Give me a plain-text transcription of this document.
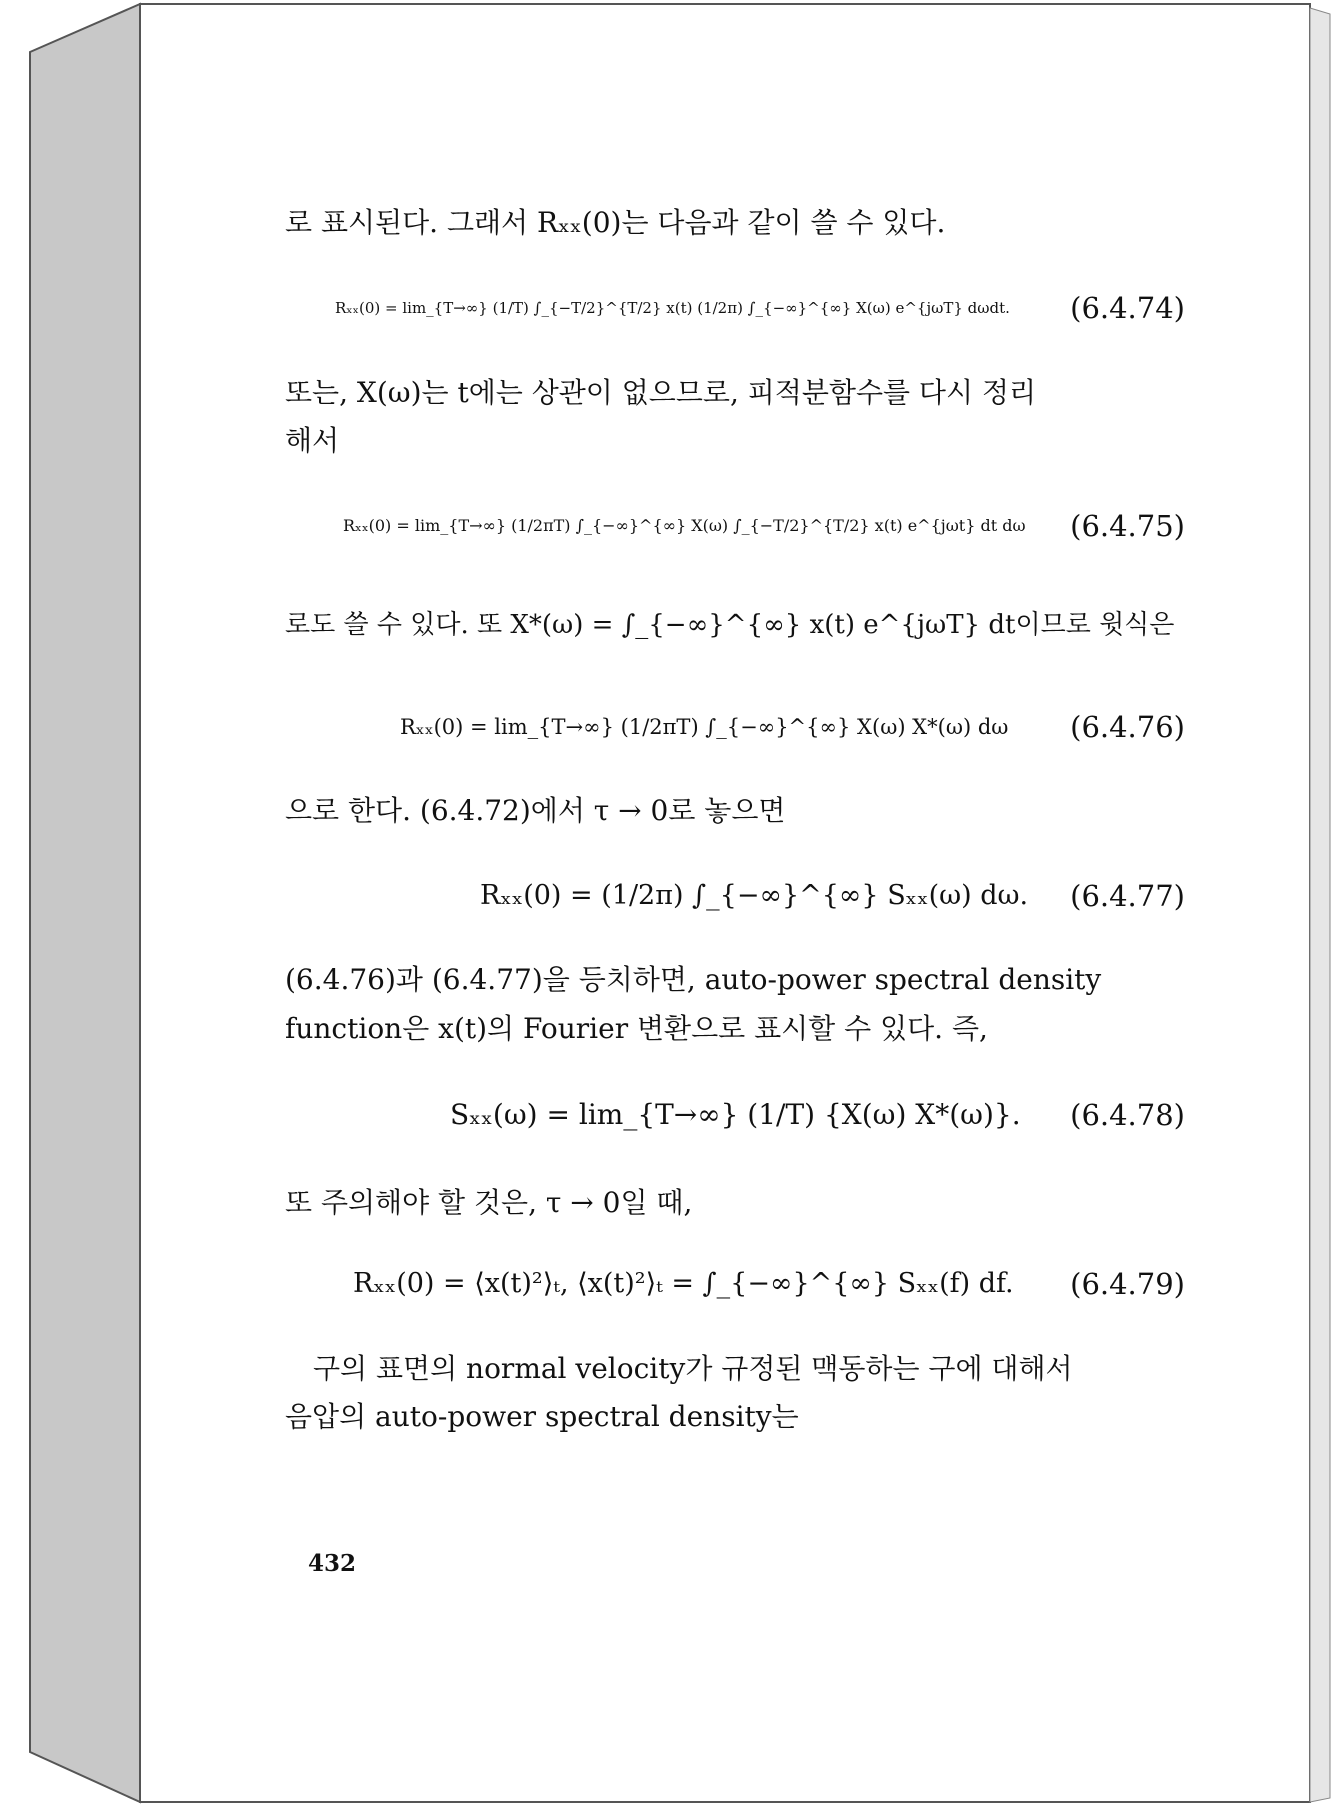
로 표시된다. 그래서 Rₓₓ(0)는 다음과 같이 쓸 수 있다.

Rₓₓ(0) = lim_{T→∞} (1/T) ∫_{−T/2}^{T/2} x(t) (1/2π) ∫_{−∞}^{∞} X(ω) e^{jωT} dωdt. (6.4.74)

또는, X(ω)는 t에는 상관이 없으므로, 피적분함수를 다시 정리

해서

Rₓₓ(0) = lim_{T→∞} (1/2πT) ∫_{−∞}^{∞} X(ω) ∫_{−T/2}^{T/2} x(t) e^{jωt} dt dω (6.4.75)

로도 쓸 수 있다. 또 X*(ω) = ∫_{−∞}^{∞} x(t) e^{jωT} dt이므로 윗식은

Rₓₓ(0) = lim_{T→∞} (1/2πT) ∫_{−∞}^{∞} X(ω) X*(ω) dω (6.4.76)

으로 한다. (6.4.72)에서 τ → 0로 놓으면

Rₓₓ(0) = (1/2π) ∫_{−∞}^{∞} Sₓₓ(ω) dω. (6.4.77)

(6.4.76)과 (6.4.77)을 등치하면, auto-power spectral density

function은 x(t)의 Fourier 변환으로 표시할 수 있다. 즉,

Sₓₓ(ω) = lim_{T→∞} (1/T) {X(ω) X*(ω)}. (6.4.78)

또 주의해야 할 것은, τ → 0일 때,

Rₓₓ(0) = ⟨x(t)²⟩ₜ, ⟨x(t)²⟩ₜ = ∫_{−∞}^{∞} Sₓₓ(f) df. (6.4.79)

구의 표면의 normal velocity가 규정된 맥동하는 구에 대해서

음압의 auto-power spectral density는

432
